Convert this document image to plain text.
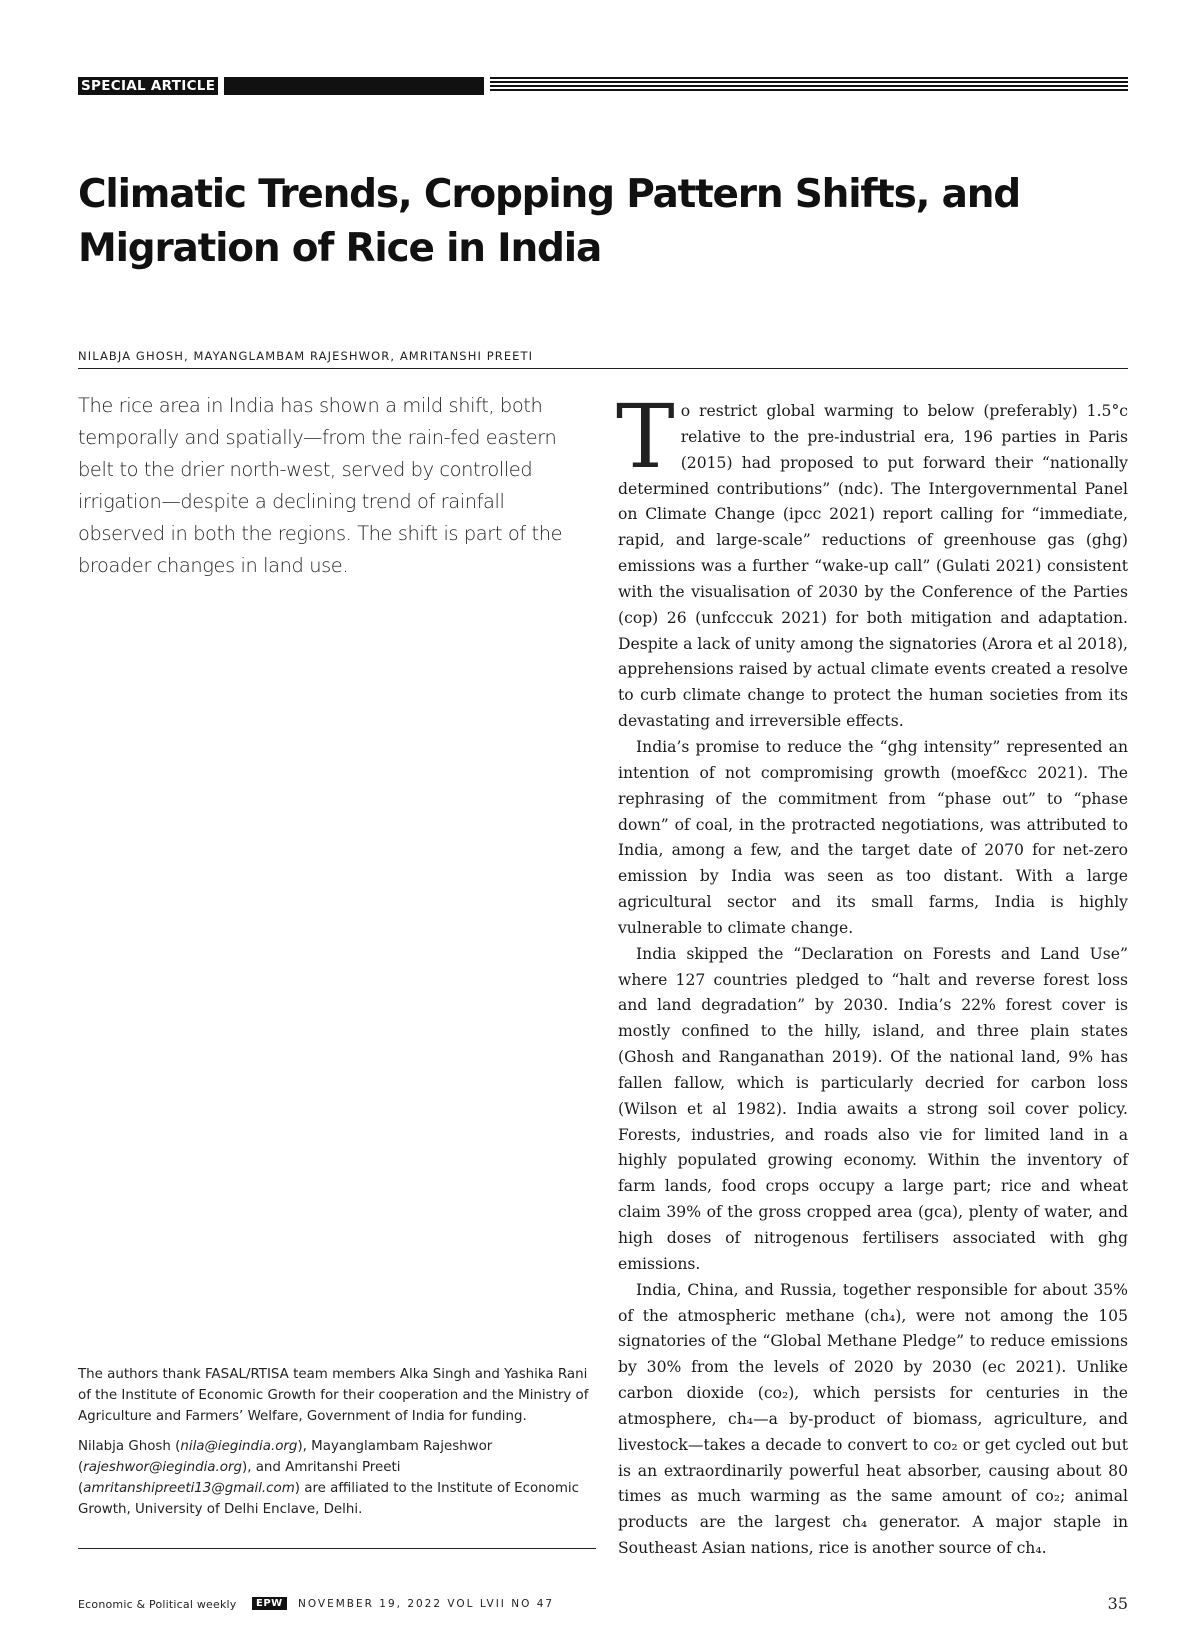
SPECIAL ARTICLE
Climatic Trends, Cropping Pattern Shifts, and
Migration of Rice in India
NILABJA GHOSH, MAYANGLAMBAM RAJESHWOR, AMRITANSHI PREETI
The rice area in India has shown a mild shift, both temporally and spatially—from the rain-fed eastern belt to the drier north-west, served by controlled irrigation—despite a declining trend of rainfall observed in both the regions. The shift is part of the broader changes in land use.

The authors thank FASAL/RTISA team members Alka Singh and Yashika Rani of the Institute of Economic Growth for their cooperation and the Ministry of Agriculture and Farmers’ Welfare, Government of India for funding.

Nilabja Ghosh (nila@iegindia.org), Mayanglambam Rajeshwor (rajeshwor@iegindia.org), and Amritanshi Preeti (amritanshipreeti13@gmail.com) are affiliated to the Institute of Economic Growth, University of Delhi Enclave, Delhi.

To restrict global warming to below (preferably) 1.5°c relative to the pre-industrial era, 196 parties in Paris (2015) had proposed to put forward their “nationally determined contributions” (ndc). The Intergovernmental Panel on Climate Change (ipcc 2021) report calling for “immediate, rapid, and large-scale” reductions of greenhouse gas (ghg) emissions was a further “wake-up call” (Gulati 2021) consistent with the visualisation of 2030 by the Conference of the Parties (cop) 26 (unfcccuk 2021) for both mitigation and adaptation. Despite a lack of unity among the signatories (Arora et al 2018), apprehensions raised by actual climate events created a resolve to curb climate change to protect the human societies from its devastating and irreversible effects.

India’s promise to reduce the “ghg intensity” represented an intention of not compromising growth (moef&cc 2021). The rephrasing of the commitment from “phase out” to “phase down” of coal, in the protracted negotiations, was attributed to India, among a few, and the target date of 2070 for net-zero emission by India was seen as too distant. With a large agricultural sector and its small farms, India is highly vulnerable to climate change.

India skipped the “Declaration on Forests and Land Use” where 127 countries pledged to “halt and reverse forest loss and land degradation” by 2030. India’s 22% forest cover is mostly confined to the hilly, island, and three plain states (Ghosh and Ranganathan 2019). Of the national land, 9% has fallen fallow, which is particularly decried for carbon loss (Wilson et al 1982). India awaits a strong soil cover policy. Forests, industries, and roads also vie for limited land in a highly populated growing economy. Within the inventory of farm lands, food crops occupy a large part; rice and wheat claim 39% of the gross cropped area (gca), plenty of water, and high doses of nitrogenous fertilisers associated with ghg emissions.

India, China, and Russia, together responsible for about 35% of the atmospheric methane (ch₄), were not among the 105 signatories of the “Global Methane Pledge” to reduce emissions by 30% from the levels of 2020 by 2030 (ec 2021). Unlike carbon dioxide (co₂), which persists for centuries in the atmosphere, ch₄—a by-product of biomass, agriculture, and livestock—takes a decade to convert to co₂ or get cycled out but is an extraordinarily powerful heat absorber, causing about 80 times as much warming as the same amount of co₂; animal products are the largest ch₄ generator. A major staple in Southeast Asian nations, rice is another source of ch₄.

Economic & Political weekly	EPW	NOVEMBER 19, 2022 VOL LVII NO 47	35
